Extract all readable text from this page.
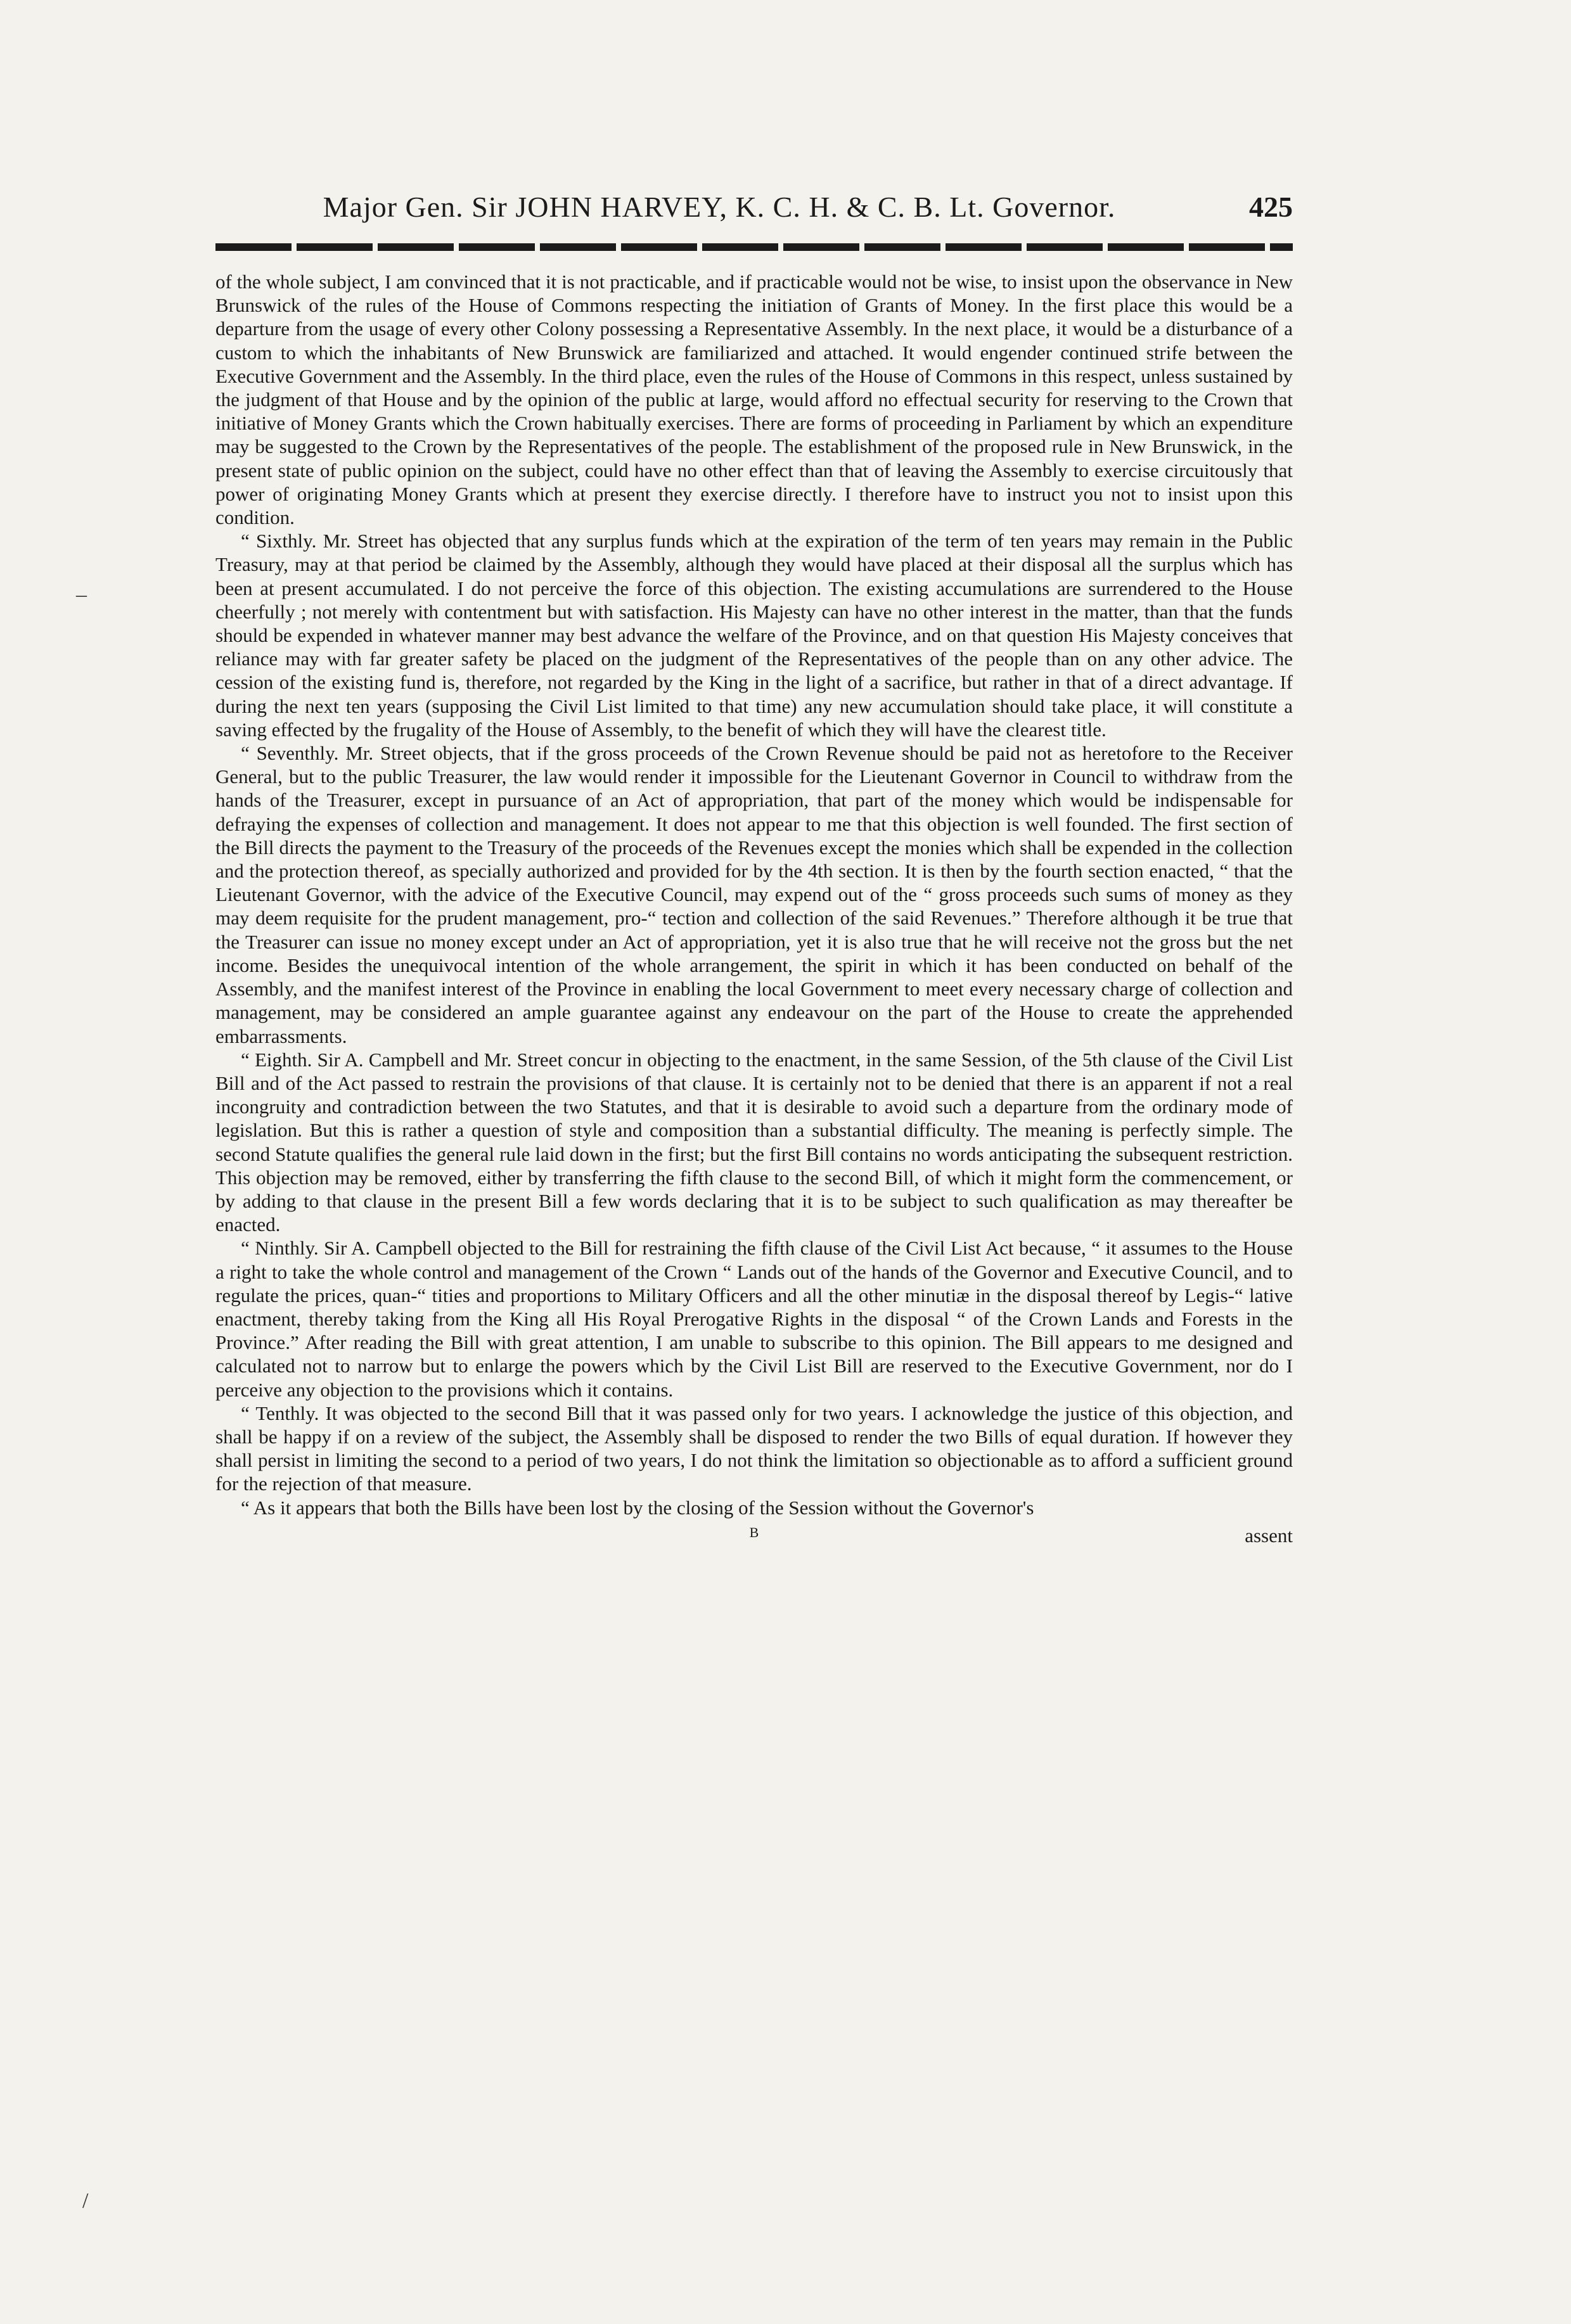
Major Gen. Sir JOHN HARVEY, K. C. H. & C. B. Lt. Governor.	425

of the whole subject, I am convinced that it is not practicable, and if practicable would not be wise, to insist upon the observance in New Brunswick of the rules of the House of Commons respecting the initiation of Grants of Money. In the first place this would be a departure from the usage of every other Colony possessing a Representative Assembly. In the next place, it would be a disturbance of a custom to which the inhabitants of New Brunswick are familiarized and attached. It would engender continued strife between the Executive Government and the Assembly. In the third place, even the rules of the House of Commons in this respect, unless sustained by the judgment of that House and by the opinion of the public at large, would afford no effectual security for reserving to the Crown that initiative of Money Grants which the Crown habitually exercises. There are forms of proceeding in Parliament by which an expenditure may be suggested to the Crown by the Representatives of the people. The establishment of the proposed rule in New Brunswick, in the present state of public opinion on the subject, could have no other effect than that of leaving the Assembly to exercise circuitously that power of originating Money Grants which at present they exercise directly. I therefore have to instruct you not to insist upon this condition.

“ Sixthly. Mr. Street has objected that any surplus funds which at the expiration of the term of ten years may remain in the Public Treasury, may at that period be claimed by the Assembly, although they would have placed at their disposal all the surplus which has been at present accumulated. I do not perceive the force of this objection. The existing accumulations are surrendered to the House cheerfully ; not merely with contentment but with satisfaction. His Majesty can have no other interest in the matter, than that the funds should be expended in whatever manner may best advance the welfare of the Province, and on that question His Majesty conceives that reliance may with far greater safety be placed on the judgment of the Representatives of the people than on any other advice. The cession of the existing fund is, therefore, not regarded by the King in the light of a sacrifice, but rather in that of a direct advantage. If during the next ten years (supposing the Civil List limited to that time) any new accumulation should take place, it will constitute a saving effected by the frugality of the House of Assembly, to the benefit of which they will have the clearest title.

“ Seventhly. Mr. Street objects, that if the gross proceeds of the Crown Revenue should be paid not as heretofore to the Receiver General, but to the public Treasurer, the law would render it impossible for the Lieutenant Governor in Council to withdraw from the hands of the Treasurer, except in pursuance of an Act of appropriation, that part of the money which would be indispensable for defraying the expenses of collection and management. It does not appear to me that this objection is well founded. The first section of the Bill directs the payment to the Treasury of the proceeds of the Revenues except the monies which shall be expended in the collection and the protection thereof, as specially authorized and provided for by the 4th section. It is then by the fourth section enacted, “ that the Lieutenant Governor, with the advice of the Executive Council, may expend out of the “ gross proceeds such sums of money as they may deem requisite for the prudent management, pro-“ tection and collection of the said Revenues.” Therefore although it be true that the Treasurer can issue no money except under an Act of appropriation, yet it is also true that he will receive not the gross but the net income. Besides the unequivocal intention of the whole arrangement, the spirit in which it has been conducted on behalf of the Assembly, and the manifest interest of the Province in enabling the local Government to meet every necessary charge of collection and management, may be considered an ample guarantee against any endeavour on the part of the House to create the apprehended embarrassments.

“ Eighth. Sir A. Campbell and Mr. Street concur in objecting to the enactment, in the same Session, of the 5th clause of the Civil List Bill and of the Act passed to restrain the provisions of that clause. It is certainly not to be denied that there is an apparent if not a real incongruity and contradiction between the two Statutes, and that it is desirable to avoid such a departure from the ordinary mode of legislation. But this is rather a question of style and composition than a substantial difficulty. The meaning is perfectly simple. The second Statute qualifies the general rule laid down in the first; but the first Bill contains no words anticipating the subsequent restriction. This objection may be removed, either by transferring the fifth clause to the second Bill, of which it might form the commencement, or by adding to that clause in the present Bill a few words declaring that it is to be subject to such qualification as may thereafter be enacted.

“ Ninthly. Sir A. Campbell objected to the Bill for restraining the fifth clause of the Civil List Act because, “ it assumes to the House a right to take the whole control and management of the Crown “ Lands out of the hands of the Governor and Executive Council, and to regulate the prices, quan-“ tities and proportions to Military Officers and all the other minutiæ in the disposal thereof by Legis-“ lative enactment, thereby taking from the King all His Royal Prerogative Rights in the disposal “ of the Crown Lands and Forests in the Province.” After reading the Bill with great attention, I am unable to subscribe to this opinion. The Bill appears to me designed and calculated not to narrow but to enlarge the powers which by the Civil List Bill are reserved to the Executive Government, nor do I perceive any objection to the provisions which it contains.

“ Tenthly. It was objected to the second Bill that it was passed only for two years. I acknowledge the justice of this objection, and shall be happy if on a review of the subject, the Assembly shall be disposed to render the two Bills of equal duration. If however they shall persist in limiting the second to a period of two years, I do not think the limitation so objectionable as to afford a sufficient ground for the rejection of that measure.

“ As it appears that both the Bills have been lost by the closing of the Session without the Governor's

B	assent
–
/
